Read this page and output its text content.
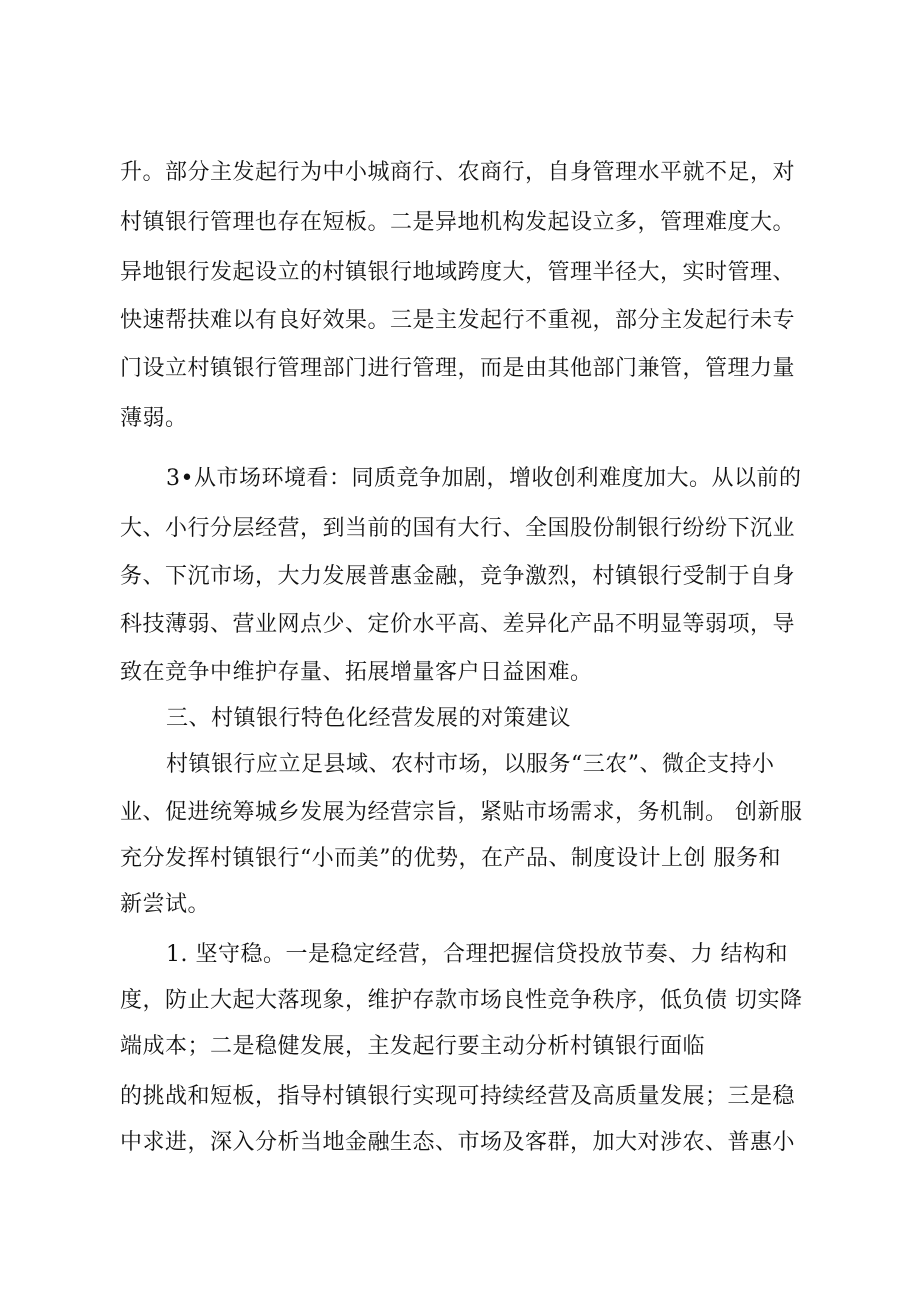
升。部分主发起行为中小城商行、农商行，自身管理水平就不足，对
村镇银行管理也存在短板。二是异地机构发起设立多，管理难度大。
异地银行发起设立的村镇银行地域跨度大，管理半径大，实时管理、
快速帮扶难以有良好效果。三是主发起行不重视，部分主发起行未专
门设立村镇银行管理部门进行管理，而是由其他部门兼管，管理力量
薄弱。
3•从市场环境看：同质竞争加剧，增收创利难度加大。从以前的
大、小行分层经营，到当前的国有大行、全国股份制银行纷纷下沉业
务、下沉市场，大力发展普惠金融，竞争激烈，村镇银行受制于自身
科技薄弱、营业网点少、定价水平高、差异化产品不明显等弱项，导
致在竞争中维护存量、拓展增量客户日益困难。
三、村镇银行特色化经营发展的对策建议
村镇银行应立足县域、农村市场，以服务“三农”、微企支持小
业、促进统筹城乡发展为经营宗旨，紧贴市场需求，务机制。 创新服
充分发挥村镇银行“小而美”的优势，在产品、制度设计上创 服务和
新尝试。
1. 坚守稳。一是稳定经营，合理把握信贷投放节奏、力 结构和
度，防止大起大落现象，维护存款市场良性竞争秩序，低负债 切实降
端成本；二是稳健发展，主发起行要主动分析村镇银行面临
的挑战和短板，指导村镇银行实现可持续经营及高质量发展；三是稳
中求进，深入分析当地金融生态、市场及客群，加大对涉农、普惠小
